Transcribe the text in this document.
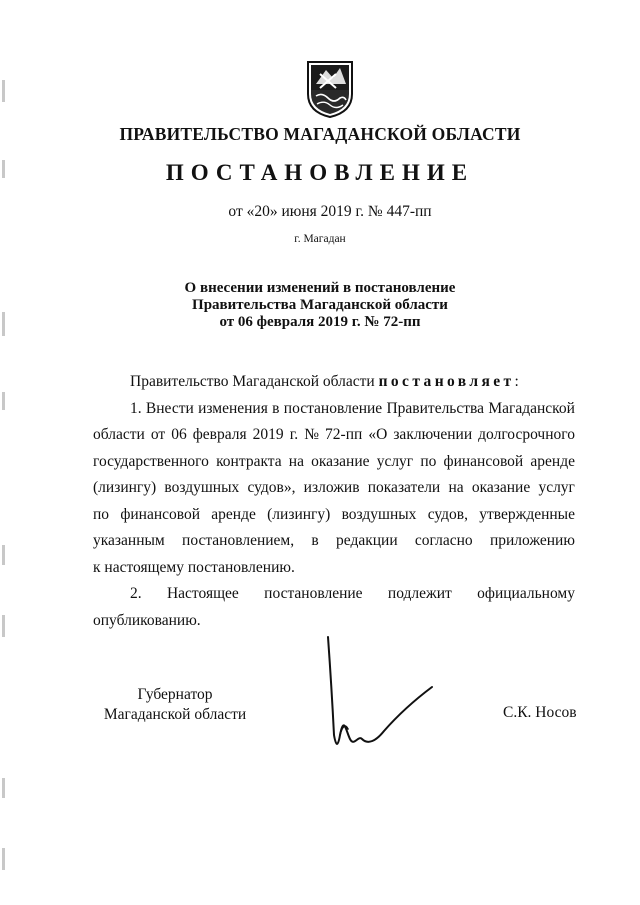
ПРАВИТЕЛЬСТВО МАГАДАНСКОЙ ОБЛАСТИ
ПОСТАНОВЛЕНИЕ
от «20» июня 2019 г. № 447-пп
г. Магадан
О внесении изменений в постановление
Правительства Магаданской области
от 06 февраля 2019 г. № 72-пп
Правительство Магаданской области постановляет:
1. Внести изменения в постановление Правительства Магаданской
области от 06 февраля 2019 г. № 72-пп «О заключении долгосрочного
государственного контракта на оказание услуг по финансовой аренде
(лизингу) воздушных судов», изложив показатели на оказание услуг
по финансовой аренде (лизингу) воздушных судов, утвержденные
указанным постановлением, в редакции согласно приложению
к настоящему постановлению.
2. Настоящее постановление подлежит официальному
опубликованию.
Губернатор
Магаданской области	С.К. Носов
